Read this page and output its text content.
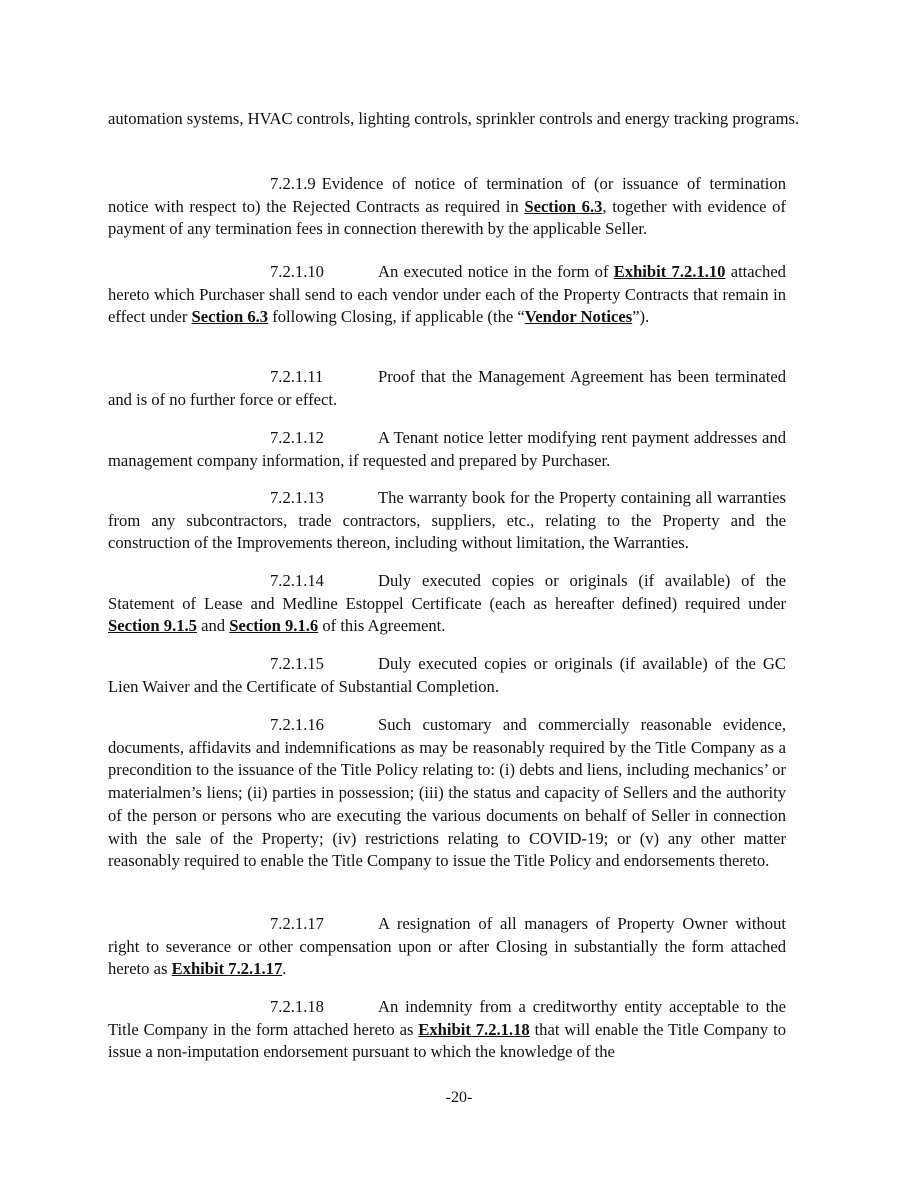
automation systems, HVAC controls, lighting controls, sprinkler controls and energy tracking programs.

7.2.1.9 Evidence of notice of termination of (or issuance of termination notice with respect to) the Rejected Contracts as required in Section 6.3, together with evidence of payment of any termination fees in connection therewith by the applicable Seller.

7.2.1.10	An executed notice in the form of Exhibit 7.2.1.10 attached hereto which Purchaser shall send to each vendor under each of the Property Contracts that remain in effect under Section 6.3 following Closing, if applicable (the “Vendor Notices”).

7.2.1.11	Proof that the Management Agreement has been terminated and is of no further force or effect.

7.2.1.12	A Tenant notice letter modifying rent payment addresses and management company information, if requested and prepared by Purchaser.

7.2.1.13	The warranty book for the Property containing all warranties from any subcontractors, trade contractors, suppliers, etc., relating to the Property and the construction of the Improvements thereon, including without limitation, the Warranties.

7.2.1.14	Duly executed copies or originals (if available) of the Statement of Lease and Medline Estoppel Certificate (each as hereafter defined) required under Section 9.1.5 and Section 9.1.6 of this Agreement.

7.2.1.15	Duly executed copies or originals (if available) of the GC Lien Waiver and the Certificate of Substantial Completion.

7.2.1.16	Such customary and commercially reasonable evidence, documents, affidavits and indemnifications as may be reasonably required by the Title Company as a precondition to the issuance of the Title Policy relating to: (i) debts and liens, including mechanics’ or materialmen’s liens; (ii) parties in possession; (iii) the status and capacity of Sellers and the authority of the person or persons who are executing the various documents on behalf of Seller in connection with the sale of the Property; (iv) restrictions relating to COVID-19; or (v) any other matter reasonably required to enable the Title Company to issue the Title Policy and endorsements thereto.

7.2.1.17	A resignation of all managers of Property Owner without right to severance or other compensation upon or after Closing in substantially the form attached hereto as Exhibit 7.2.1.17.

7.2.1.18	An indemnity from a creditworthy entity acceptable to the Title Company in the form attached hereto as Exhibit 7.2.1.18 that will enable the Title Company to issue a non-imputation endorsement pursuant to which the knowledge of the

-20-
